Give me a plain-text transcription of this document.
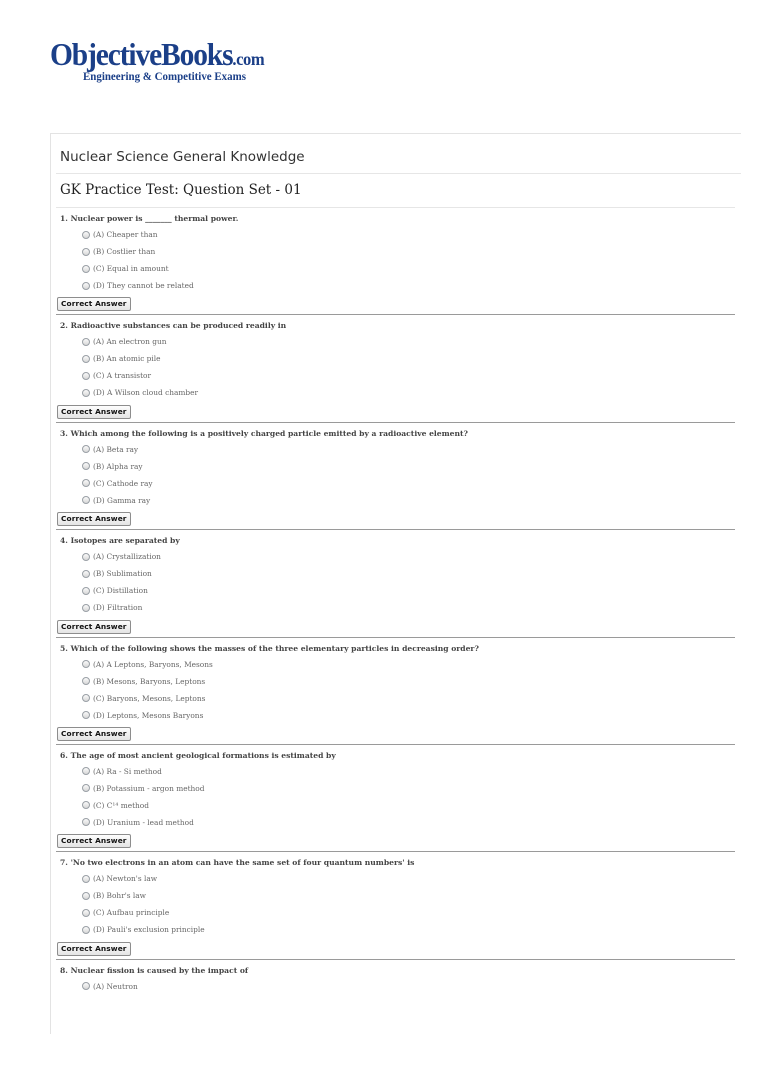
ObjectiveBooks.com
Engineering & Competitive Exams
Nuclear Science General Knowledge
GK Practice Test: Question Set - 01
1. Nuclear power is _______ thermal power.
(A) Cheaper than
(B) Costlier than
(C) Equal in amount
(D) They cannot be related
Correct Answer
2. Radioactive substances can be produced readily in
(A) An electron gun
(B) An atomic pile
(C) A transistor
(D) A Wilson cloud chamber
Correct Answer
3. Which among the following is a positively charged particle emitted by a radioactive element?
(A) Beta ray
(B) Alpha ray
(C) Cathode ray
(D) Gamma ray
Correct Answer
4. Isotopes are separated by
(A) Crystallization
(B) Sublimation
(C) Distillation
(D) Filtration
Correct Answer
5. Which of the following shows the masses of the three elementary particles in decreasing order?
(A) A Leptons, Baryons, Mesons
(B) Mesons, Baryons, Leptons
(C) Baryons, Mesons, Leptons
(D) Leptons, Mesons Baryons
Correct Answer
6. The age of most ancient geological formations is estimated by
(A) Ra - Si method
(B) Potassium - argon method
(C) C¹⁴ method
(D) Uranium - lead method
Correct Answer
7. 'No two electrons in an atom can have the same set of four quantum numbers' is
(A) Newton's law
(B) Bohr's law
(C) Aufbau principle
(D) Pauli's exclusion principle
Correct Answer
8. Nuclear fission is caused by the impact of
(A) Neutron
